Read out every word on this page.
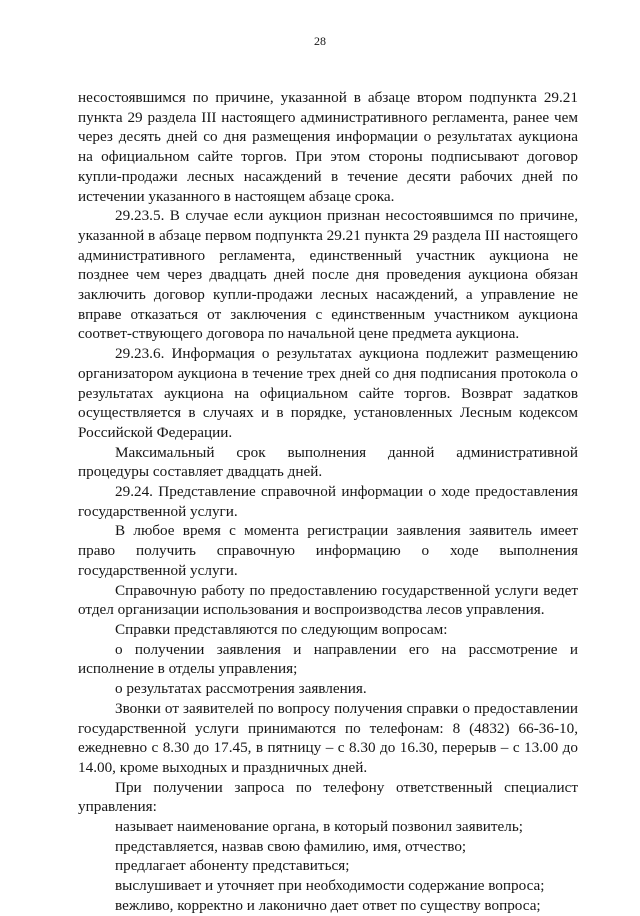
28

несостоявшимся по причине, указанной в абзаце втором подпункта 29.21 пункта 29 раздела III настоящего административного регламента, ранее чем через десять дней со дня размещения информации о результатах аукциона на официальном сайте торгов. При этом стороны подписывают договор купли-продажи лесных насаждений в течение десяти рабочих дней по истечении указанного в настоящем абзаце срока.

29.23.5. В случае если аукцион признан несостоявшимся по причине, указанной в абзаце первом подпункта 29.21 пункта 29 раздела III настоящего административного регламента, единственный участник аукциона не позднее чем через двадцать дней после дня проведения аукциона обязан заключить договор купли-продажи лесных насаждений, а управление не вправе отказаться от заключения с единственным участником аукциона соответ-ствующего договора по начальной цене предмета аукциона.

29.23.6. Информация о результатах аукциона подлежит размещению организатором аукциона в течение трех дней со дня подписания протокола о результатах аукциона на официальном сайте торгов. Возврат задатков осуществляется в случаях и в порядке, установленных Лесным кодексом Российской Федерации.

Максимальный срок выполнения данной административной процедуры составляет двадцать дней.

29.24. Представление справочной информации о ходе предоставления государственной услуги.

В любое время с момента регистрации заявления заявитель имеет право получить справочную информацию о ходе выполнения государственной услуги.

Справочную работу по предоставлению государственной услуги ведет отдел организации использования и воспроизводства лесов управления.

Справки представляются по следующим вопросам:

о получении заявления и направлении его на рассмотрение и исполнение в отделы управления;

о результатах рассмотрения заявления.

Звонки от заявителей по вопросу получения справки о предоставлении государственной услуги принимаются по телефонам: 8 (4832) 66-36-10, ежедневно с 8.30 до 17.45, в пятницу – с 8.30 до 16.30, перерыв – с 13.00 до 14.00, кроме выходных и праздничных дней.

При получении запроса по телефону ответственный специалист управления:

называет наименование органа, в который позвонил заявитель;

представляется, назвав свою фамилию, имя, отчество;

предлагает абоненту представиться;

выслушивает и уточняет при необходимости содержание вопроса;

вежливо, корректно и лаконично дает ответ по существу вопроса;
